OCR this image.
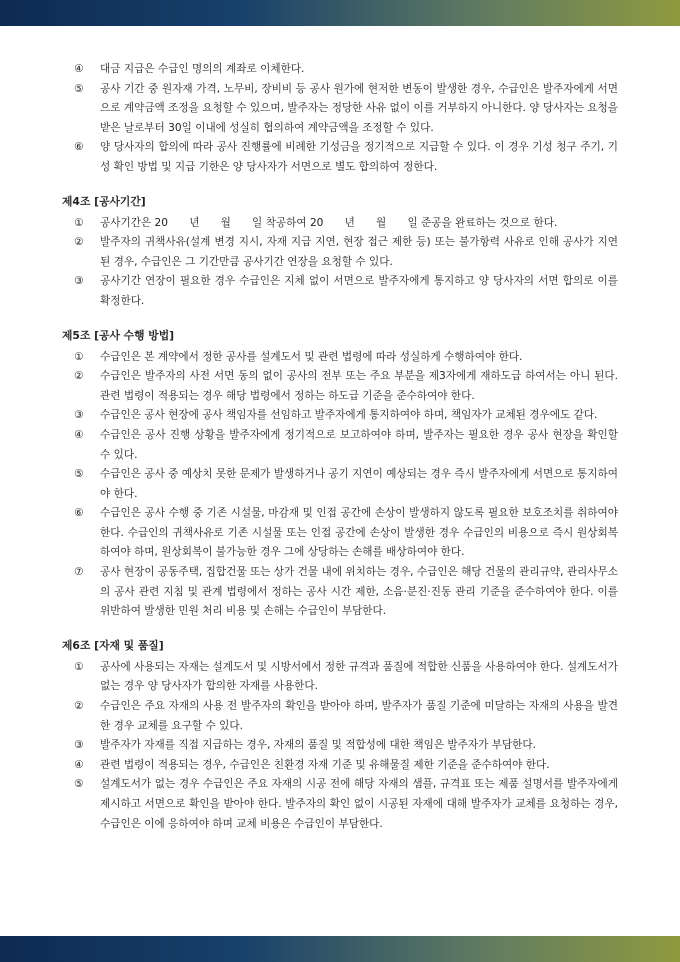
④	대금 지급은 수급인 명의의 계좌로 이체한다.
⑤	공사 기간 중 원자재 가격, 노무비, 장비비 등 공사 원가에 현저한 변동이 발생한 경우, 수급인은 발주자에게 서면으로 계약금액 조정을 요청할 수 있으며, 발주자는 정당한 사유 없이 이를 거부하지 아니한다. 양 당사자는 요청을 받은 날로부터 30일 이내에 성실히 협의하여 계약금액을 조정할 수 있다.
⑥	양 당사자의 합의에 따라 공사 진행률에 비례한 기성금을 정기적으로 지급할 수 있다. 이 경우 기성 청구 주기, 기성 확인 방법 및 지급 기한은 양 당사자가 서면으로 별도 합의하여 정한다.
제4조 [공사기간]
①	공사기간은 20　　년　　월　　일 착공하여 20　　년　　월　　일 준공을 완료하는 것으로 한다.
②	발주자의 귀책사유(설계 변경 지시, 자재 지급 지연, 현장 접근 제한 등) 또는 불가항력 사유로 인해 공사가 지연된 경우, 수급인은 그 기간만큼 공사기간 연장을 요청할 수 있다.
③	공사기간 연장이 필요한 경우 수급인은 지체 없이 서면으로 발주자에게 통지하고 양 당사자의 서면 합의로 이를 확정한다.
제5조 [공사 수행 방법]
①	수급인은 본 계약에서 정한 공사를 설계도서 및 관련 법령에 따라 성실하게 수행하여야 한다.
②	수급인은 발주자의 사전 서면 동의 없이 공사의 전부 또는 주요 부분을 제3자에게 재하도급 하여서는 아니 된다. 관련 법령이 적용되는 경우 해당 법령에서 정하는 하도급 기준을 준수하여야 한다.
③	수급인은 공사 현장에 공사 책임자를 선임하고 발주자에게 통지하여야 하며, 책임자가 교체된 경우에도 같다.
④	수급인은 공사 진행 상황을 발주자에게 정기적으로 보고하여야 하며, 발주자는 필요한 경우 공사 현장을 확인할 수 있다.
⑤	수급인은 공사 중 예상치 못한 문제가 발생하거나 공기 지연이 예상되는 경우 즉시 발주자에게 서면으로 통지하여야 한다.
⑥	수급인은 공사 수행 중 기존 시설물, 마감재 및 인접 공간에 손상이 발생하지 않도록 필요한 보호조치를 취하여야 한다. 수급인의 귀책사유로 기존 시설물 또는 인접 공간에 손상이 발생한 경우 수급인의 비용으로 즉시 원상회복하여야 하며, 원상회복이 불가능한 경우 그에 상당하는 손해를 배상하여야 한다.
⑦	공사 현장이 공동주택, 집합건물 또는 상가 건물 내에 위치하는 경우, 수급인은 해당 건물의 관리규약, 관리사무소의 공사 관련 지침 및 관계 법령에서 정하는 공사 시간 제한, 소음·분진·진동 관리 기준을 준수하여야 한다. 이를 위반하여 발생한 민원 처리 비용 및 손해는 수급인이 부담한다.
제6조 [자재 및 품질]
①	공사에 사용되는 자재는 설계도서 및 시방서에서 정한 규격과 품질에 적합한 신품을 사용하여야 한다. 설계도서가 없는 경우 양 당사자가 합의한 자재를 사용한다.
②	수급인은 주요 자재의 사용 전 발주자의 확인을 받아야 하며, 발주자가 품질 기준에 미달하는 자재의 사용을 발견한 경우 교체를 요구할 수 있다.
③	발주자가 자재를 직접 지급하는 경우, 자재의 품질 및 적합성에 대한 책임은 발주자가 부담한다.
④	관련 법령이 적용되는 경우, 수급인은 친환경 자재 기준 및 유해물질 제한 기준을 준수하여야 한다.
⑤	설계도서가 없는 경우 수급인은 주요 자재의 시공 전에 해당 자재의 샘플, 규격표 또는 제품 설명서를 발주자에게 제시하고 서면으로 확인을 받아야 한다. 발주자의 확인 없이 시공된 자재에 대해 발주자가 교체를 요청하는 경우, 수급인은 이에 응하여야 하며 교체 비용은 수급인이 부담한다.
